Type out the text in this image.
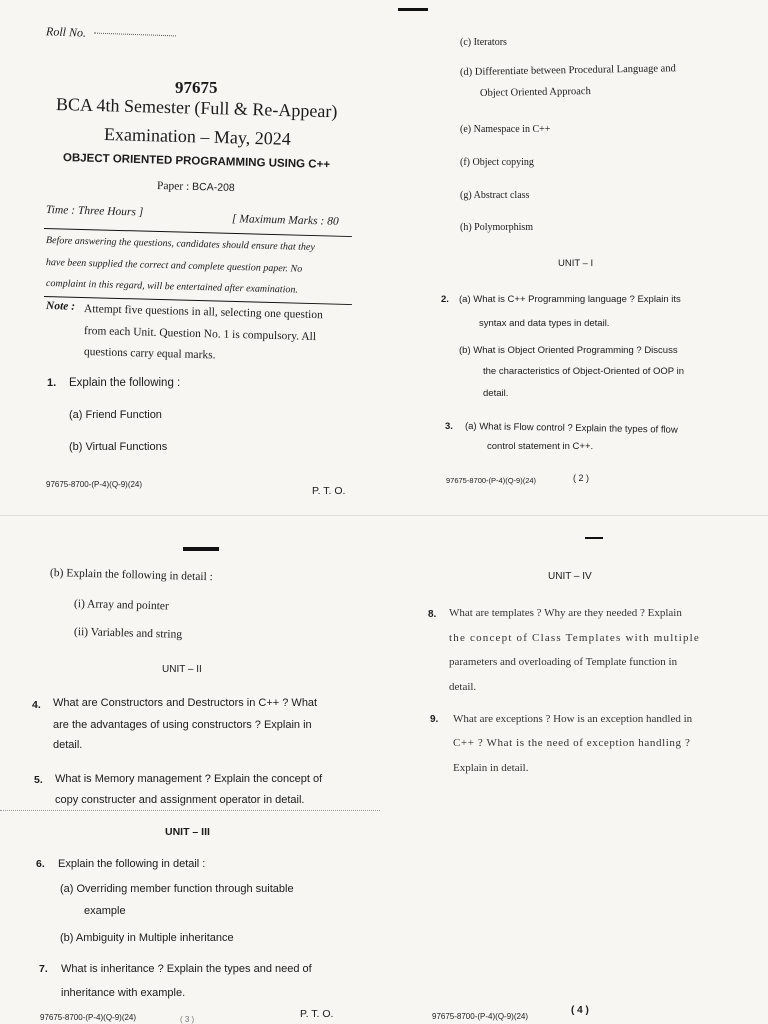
Roll No.
97675
BCA 4th Semester (Full & Re-Appear)
Examination – May, 2024
OBJECT ORIENTED PROGRAMMING USING C++
Paper : BCA-208
Time : Three Hours ]
[ Maximum Marks : 80
Before answering the questions, candidates should ensure that they
have been supplied the correct and complete question paper. No
complaint in this regard, will be entertained after examination.
Note : Attempt five questions in all, selecting one question
from each Unit. Question No. 1 is compulsory. All
questions carry equal marks.
1. Explain the following :
(a) Friend Function
(b) Virtual Functions
97675-8700-(P-4)(Q-9)(24)
P. T. O.
(c) Iterators
(d) Differentiate between Procedural Language and
Object Oriented Approach
(e) Namespace in C++
(f) Object copying
(g) Abstract class
(h) Polymorphism
UNIT – I
2. (a) What is C++ Programming language ? Explain its
syntax and data types in detail.
(b) What is Object Oriented Programming ? Discuss
the characteristics of Object-Oriented of OOP in
detail.
3. (a) What is Flow control ? Explain the types of flow
control statement in C++.
97675-8700-(P-4)(Q-9)(24)	( 2 )
(b) Explain the following in detail :
(i) Array and pointer
(ii) Variables and string
UNIT – II
4. What are Constructors and Destructors in C++ ? What
are the advantages of using constructors ? Explain in
detail.
5. What is Memory management ? Explain the concept of
copy constructer and assignment operator in detail.
UNIT – III
6. Explain the following in detail :
(a) Overriding member function through suitable
example
(b) Ambiguity in Multiple inheritance
7. What is inheritance ? Explain the types and need of
inheritance with example.
97675-8700-(P-4)(Q-9)(24)	( 3 )	P. T. O.
UNIT – IV
8. What are templates ? Why are they needed ? Explain
the concept of Class Templates with multiple
parameters and overloading of Template function in
detail.
9. What are exceptions ? How is an exception handled in
C++ ? What is the need of exception handling ?
Explain in detail.
97675-8700-(P-4)(Q-9)(24)
( 4 )
